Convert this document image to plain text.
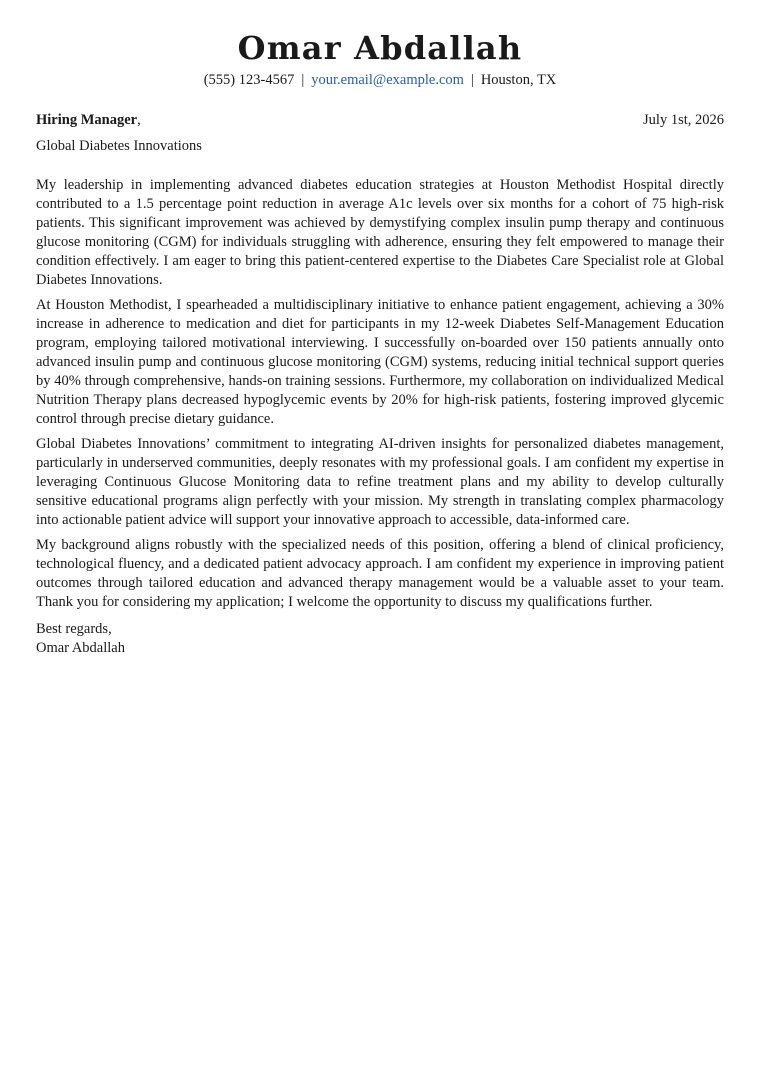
Omar Abdallah
(555) 123-4567 | your.email@example.com | Houston, TX
Hiring Manager,	July 1st, 2026
Global Diabetes Innovations

My leadership in implementing advanced diabetes education strategies at Houston Methodist Hospital directly contributed to a 1.5 percentage point reduction in average A1c levels over six months for a cohort of 75 high-risk patients. This significant improvement was achieved by demystifying complex insulin pump therapy and continuous glucose monitoring (CGM) for individuals struggling with adherence, ensuring they felt empowered to manage their condition effectively. I am eager to bring this patient-centered expertise to the Diabetes Care Specialist role at Global Diabetes Innovations.

At Houston Methodist, I spearheaded a multidisciplinary initiative to enhance patient engagement, achieving a 30% increase in adherence to medication and diet for participants in my 12-week Diabetes Self-Management Education program, employing tailored motivational interviewing. I successfully on-boarded over 150 patients annually onto advanced insulin pump and continuous glucose monitoring (CGM) systems, reducing initial technical support queries by 40% through comprehensive, hands-on training sessions. Furthermore, my collaboration on individualized Medical Nutrition Therapy plans decreased hypoglycemic events by 20% for high-risk patients, fostering improved glycemic control through precise dietary guidance.

Global Diabetes Innovations’ commitment to integrating AI-driven insights for personalized diabetes management, particularly in underserved communities, deeply resonates with my professional goals. I am confident my expertise in leveraging Continuous Glucose Monitoring data to refine treatment plans and my ability to develop culturally sensitive educational programs align perfectly with your mission. My strength in translating complex pharmacology into actionable patient advice will support your innovative approach to accessible, data-informed care.

My background aligns robustly with the specialized needs of this position, offering a blend of clinical proficiency, technological fluency, and a dedicated patient advocacy approach. I am confident my experience in improving patient outcomes through tailored education and advanced therapy management would be a valuable asset to your team. Thank you for considering my application; I welcome the opportunity to discuss my qualifications further.

Best regards,
Omar Abdallah
